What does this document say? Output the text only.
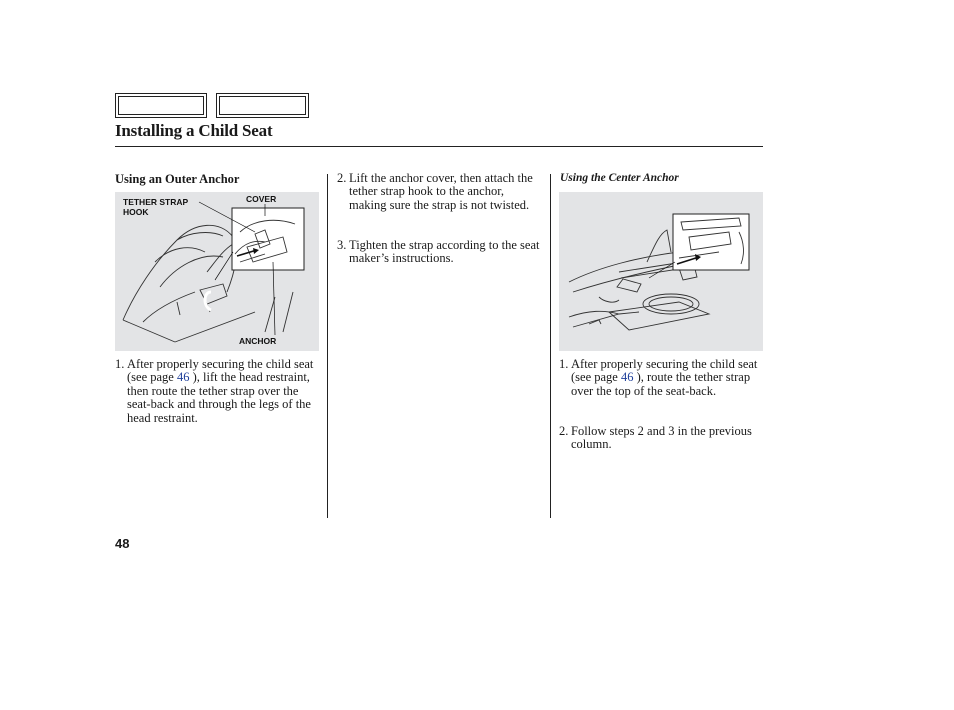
Installing a Child Seat
Using an Outer Anchor
TETHER STRAP
HOOK
COVER
ANCHOR
1. After properly securing the child seat (see page 46 ), lift the head restraint, then route the tether strap over the seat-back and through the legs of the head restraint.
2. Lift the anchor cover, then attach the tether strap hook to the anchor, making sure the strap is not twisted.
3. Tighten the strap according to the seat maker’s instructions.
Using the Center Anchor
1. After properly securing the child seat (see page 46 ), route the tether strap over the top of the seat-back.
2. Follow steps 2 and 3 in the previous column.
48
